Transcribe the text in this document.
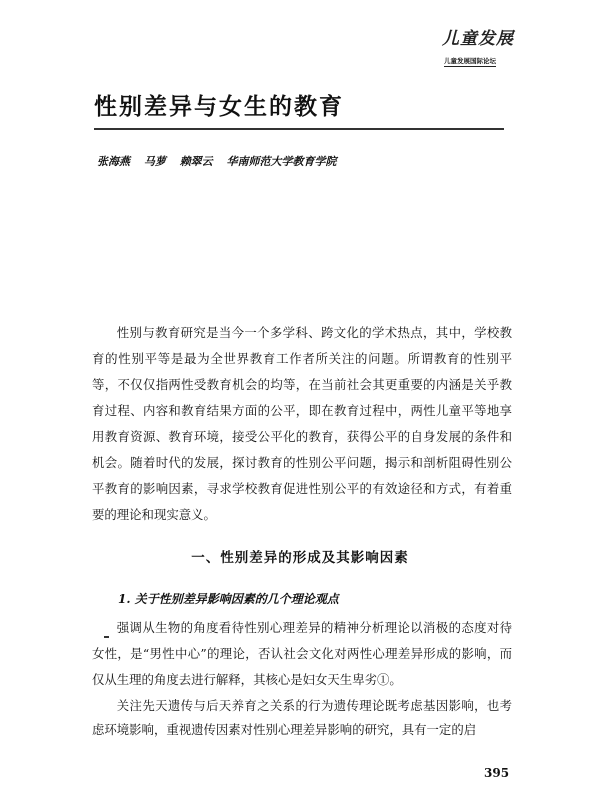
儿童发展
儿童发展国际论坛
性别差异与女生的教育
张海燕 马萝 赖翠云 华南师范大学教育学院

性别与教育研究是当今一个多学科、跨文化的学术热点，其中，学校教育的性别平等是最为全世界教育工作者所关注的问题。所谓教育的性别平等，不仅仅指两性受教育机会的均等，在当前社会其更重要的内涵是关乎教育过程、内容和教育结果方面的公平，即在教育过程中，两性儿童平等地享用教育资源、教育环境，接受公平化的教育，获得公平的自身发展的条件和机会。随着时代的发展，探讨教育的性别公平问题，揭示和剖析阻碍性别公平教育的影响因素，寻求学校教育促进性别公平的有效途径和方式，有着重要的理论和现实意义。

一、性别差异的形成及其影响因素
1. 关于性别差异影响因素的几个理论观点

强调从生物的角度看待性别心理差异的精神分析理论以消极的态度对待女性，是“男性中心”的理论，否认社会文化对两性心理差异形成的影响，而仅从生理的角度去进行解释，其核心是妇女天生卑劣①。

关注先天遗传与后天养育之关系的行为遗传理论既考虑基因影响，也考虑环境影响，重视遗传因素对性别心理差异影响的研究，具有一定的启

395
